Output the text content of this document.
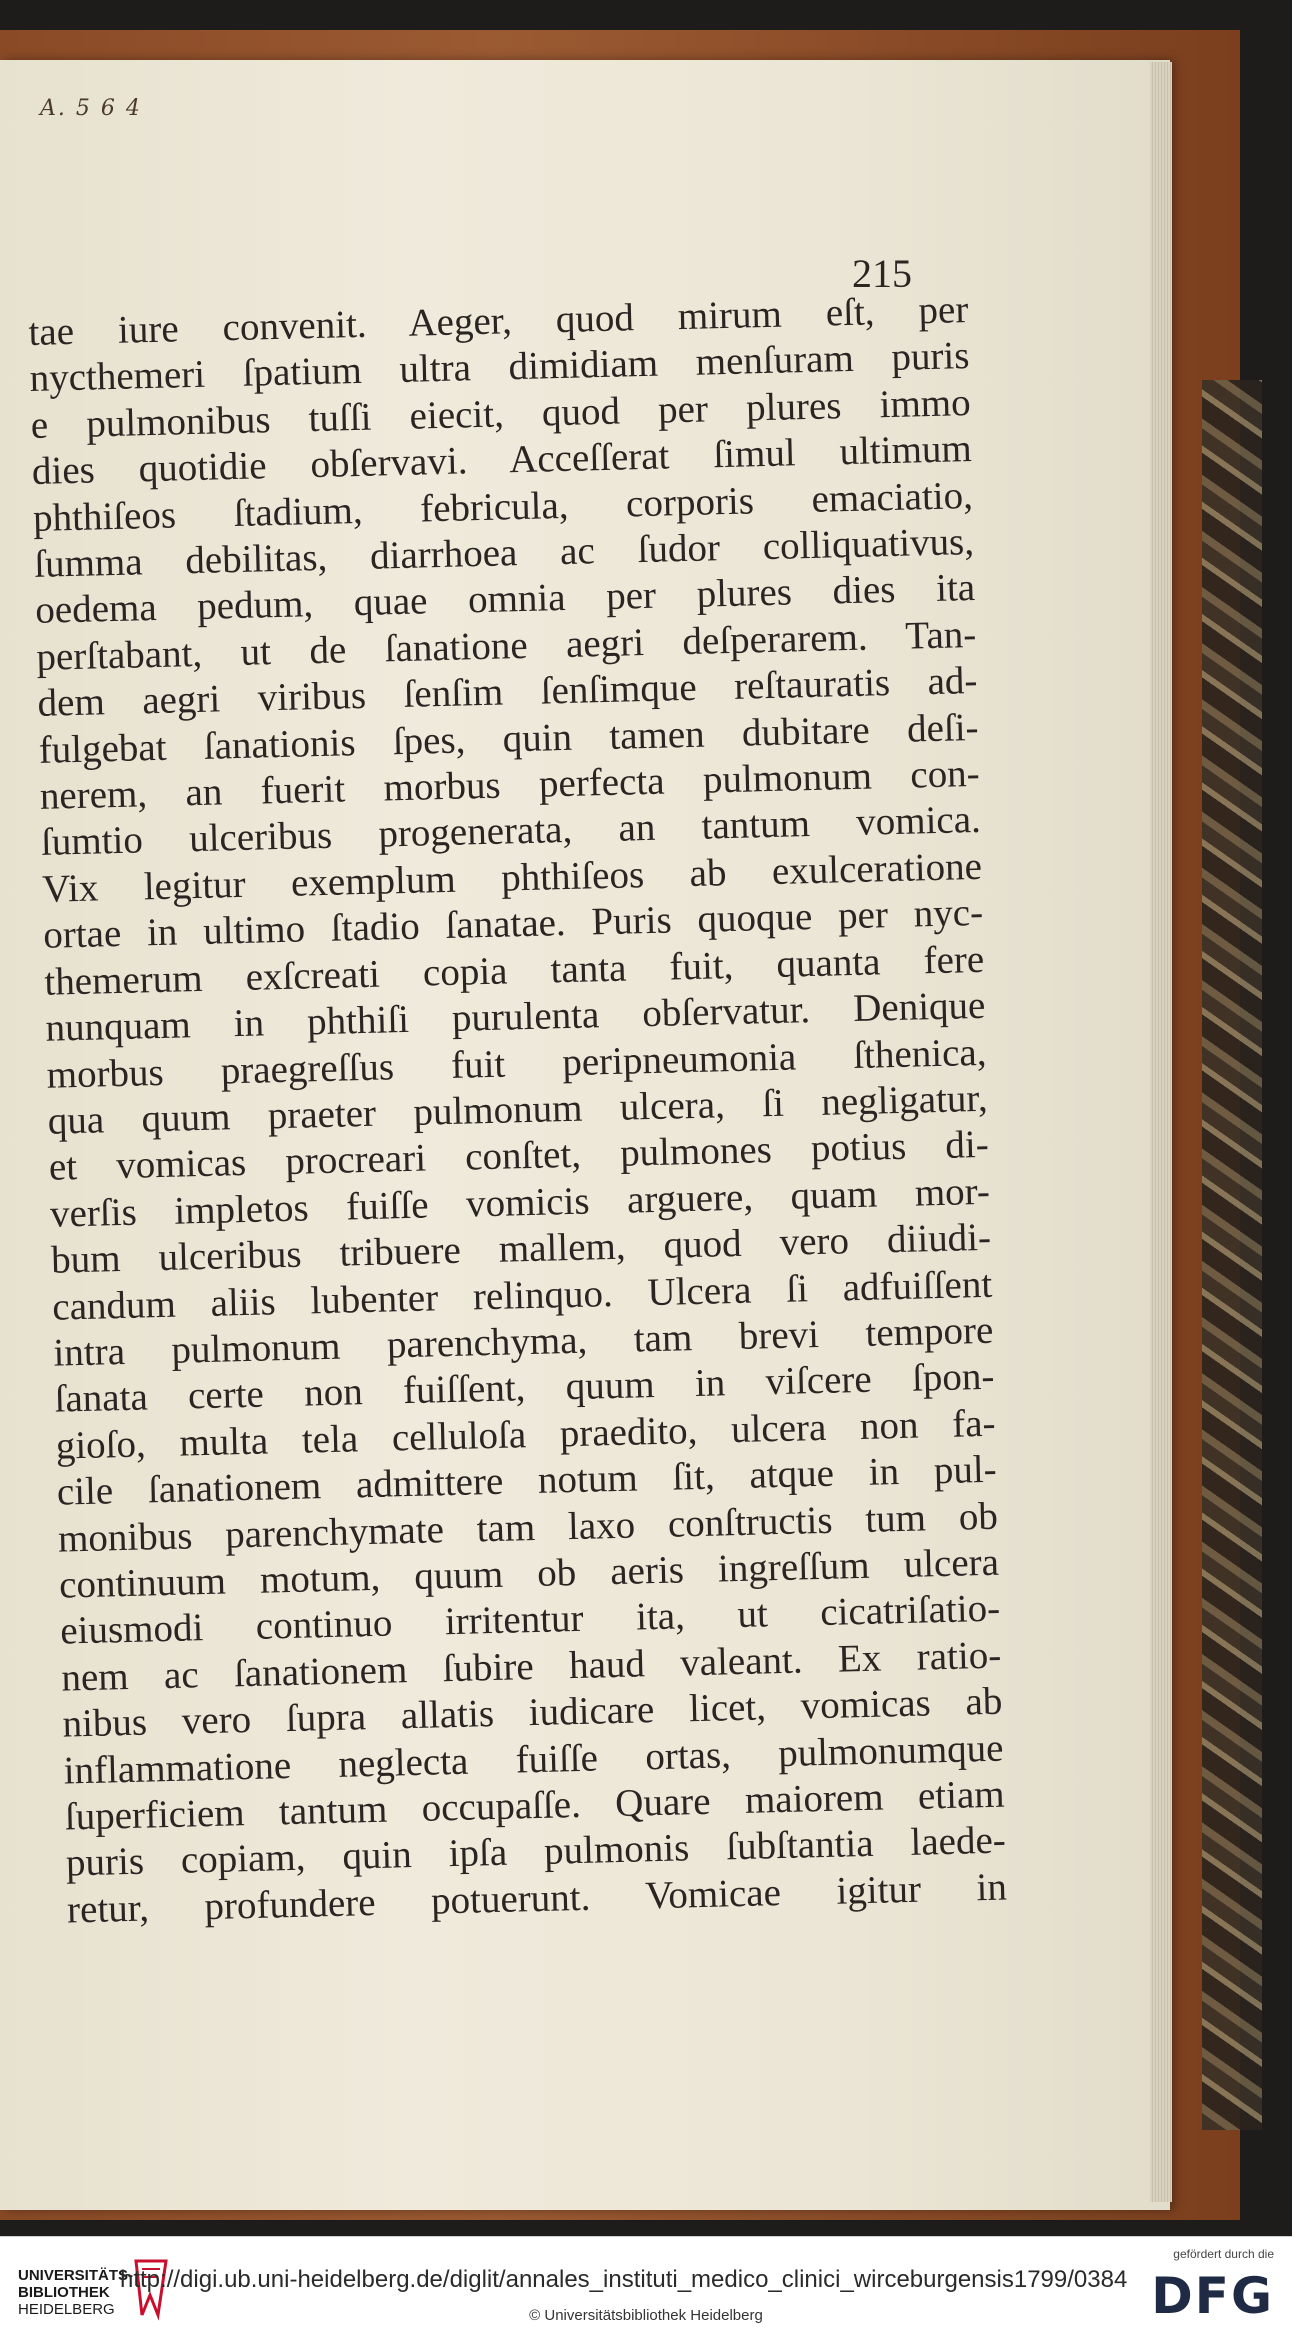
A. 5 6 4
215
tae iure convenit. Aeger, quod mirum eſt, per
nycthemeri ſpatium ultra dimidiam menſuram puris
e pulmonibus tuſſi eiecit, quod per plures immo
dies quotidie obſervavi. Acceſſerat ſimul ultimum
phthiſeos ſtadium, febricula, corporis emaciatio,
ſumma debilitas, diarrhoea ac ſudor colliquativus,
oedema pedum, quae omnia per plures dies ita
perſtabant, ut de ſanatione aegri deſperarem. Tan-
dem aegri viribus ſenſim ſenſimque reſtauratis ad-
fulgebat ſanationis ſpes, quin tamen dubitare deſi-
nerem, an fuerit morbus perfecta pulmonum con-
ſumtio ulceribus progenerata, an tantum vomica.
Vix legitur exemplum phthiſeos ab exulceratione
ortae in ultimo ſtadio ſanatae. Puris quoque per nyc-
themerum exſcreati copia tanta fuit, quanta fere
nunquam in phthiſi purulenta obſervatur. Denique
morbus praegreſſus fuit peripneumonia ſthenica,
qua quum praeter pulmonum ulcera, ſi negligatur,
et vomicas procreari conſtet, pulmones potius di-
verſis impletos fuiſſe vomicis arguere, quam mor-
bum ulceribus tribuere mallem, quod vero diiudi-
candum aliis lubenter relinquo. Ulcera ſi adfuiſſent
intra pulmonum parenchyma, tam brevi tempore
ſanata certe non fuiſſent, quum in viſcere ſpon-
gioſo, multa tela celluloſa praedito, ulcera non fa-
cile ſanationem admittere notum ſit, atque in pul-
monibus parenchymate tam laxo conſtructis tum ob
continuum motum, quum ob aeris ingreſſum ulcera
eiusmodi continuo irritentur ita, ut cicatriſatio-
nem ac ſanationem ſubire haud valeant. Ex ratio-
nibus vero ſupra allatis iudicare licet, vomicas ab
inflammatione neglecta fuiſſe ortas, pulmonumque
ſuperficiem tantum occupaſſe. Quare maiorem etiam
puris copiam, quin ipſa pulmonis ſubſtantia laede-
retur, profundere potuerunt. Vomicae igitur in
UNIVERSITÄTS-
BIBLIOTHEK
HEIDELBERG
http://digi.ub.uni-heidelberg.de/diglit/annales_instituti_medico_clinici_wirceburgensis1799/0384
© Universitätsbibliothek Heidelberg
gefördert durch die
DFG
